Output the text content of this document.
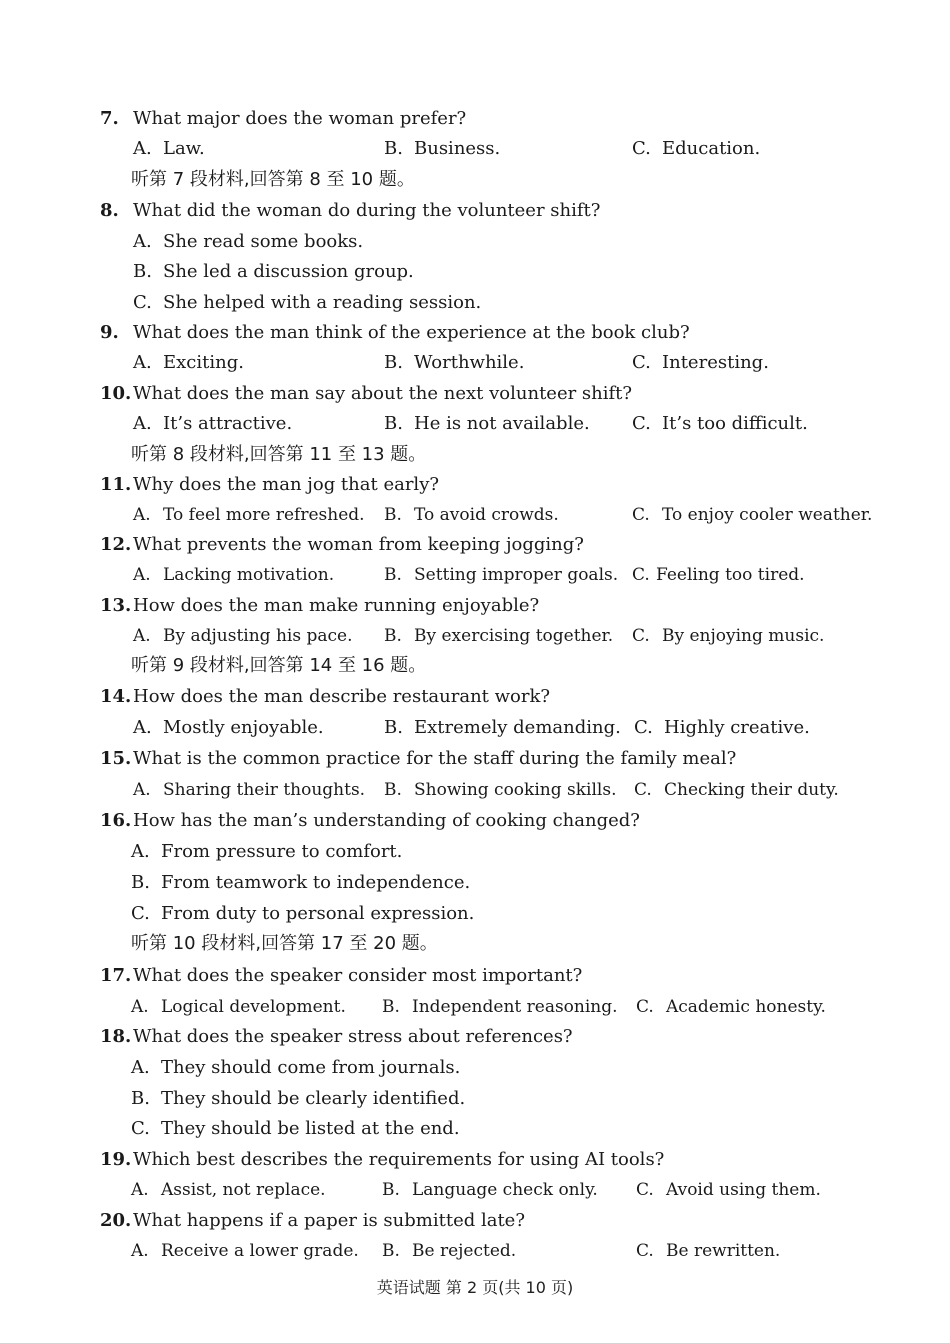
7. What major does the woman prefer?
A. Law.	B. Business.	C. Education.
听第 7 段材料,回答第 8 至 10 题。
8. What did the woman do during the volunteer shift?
A. She read some books.
B. She led a discussion group.
C. She helped with a reading session.
9. What does the man think of the experience at the book club?
A. Exciting.	B. Worthwhile.	C. Interesting.
10. What does the man say about the next volunteer shift?
A. It’s attractive.	B. He is not available. C. It’s too difficult.
听第 8 段材料,回答第 11 至 13 题。
11. Why does the man jog that early?
A. To feel more refreshed. B. To avoid crowds.	C. To enjoy cooler weather.
12. What prevents the woman from keeping jogging?
A. Lacking motivation.	B. Setting improper goals. C. Feeling too tired.
13. How does the man make running enjoyable?
A. By adjusting his pace. B. By exercising together. C. By enjoying music.
听第 9 段材料,回答第 14 至 16 题。
14. How does the man describe restaurant work?
A. Mostly enjoyable.	B. Extremely demanding. C. Highly creative.
15. What is the common practice for the staff during the family meal?
A. Sharing their thoughts. B. Showing cooking skills. C. Checking their duty.
16. How has the man’s understanding of cooking changed?
A. From pressure to comfort.
B. From teamwork to independence.
C. From duty to personal expression.
听第 10 段材料,回答第 17 至 20 题。
17. What does the speaker consider most important?
A. Logical development. B. Independent reasoning. C. Academic honesty.
18. What does the speaker stress about references?
A. They should come from journals.
B. They should be clearly identified.
C. They should be listed at the end.
19. Which best describes the requirements for using AI tools?
A. Assist, not replace.	B. Language check only. C. Avoid using them.
20. What happens if a paper is submitted late?
A. Receive a lower grade. B. Be rejected.	C. Be rewritten.
英语试题 第 2 页(共 10 页)
